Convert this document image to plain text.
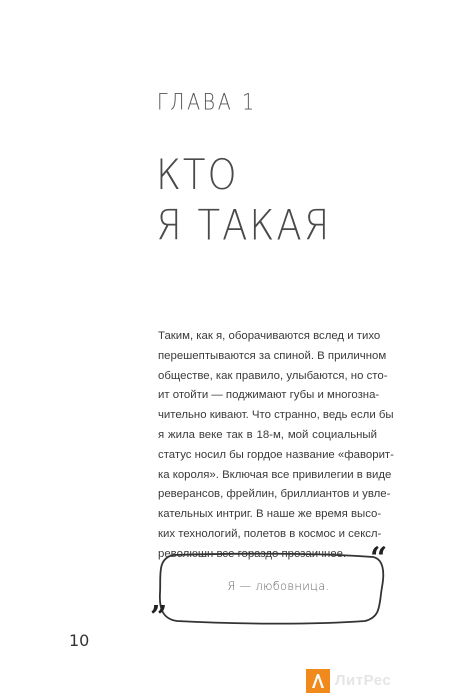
ГЛАВА 1
КТО
Я ТАКАЯ
Таким, как я, оборачиваются вслед и тихо
перешептываются за спиной. В приличном
обществе, как правило, улыбаются, но сто-
ит отойти — поджимают губы и многозна-
чительно кивают. Что странно, ведь если бы
я жила веке так в 18-м, мой социальный
статус носил бы гордое название «фаворит-
ка короля». Включая все привилегии в виде
реверансов, фрейлин, бриллиантов и увле-
кательных интриг. В наше же время высо-
ких технологий, полетов в космос и секcл-
революшн все гораздо прозаичнее.
Я — любовница.
“
”
10
ЛитРес
